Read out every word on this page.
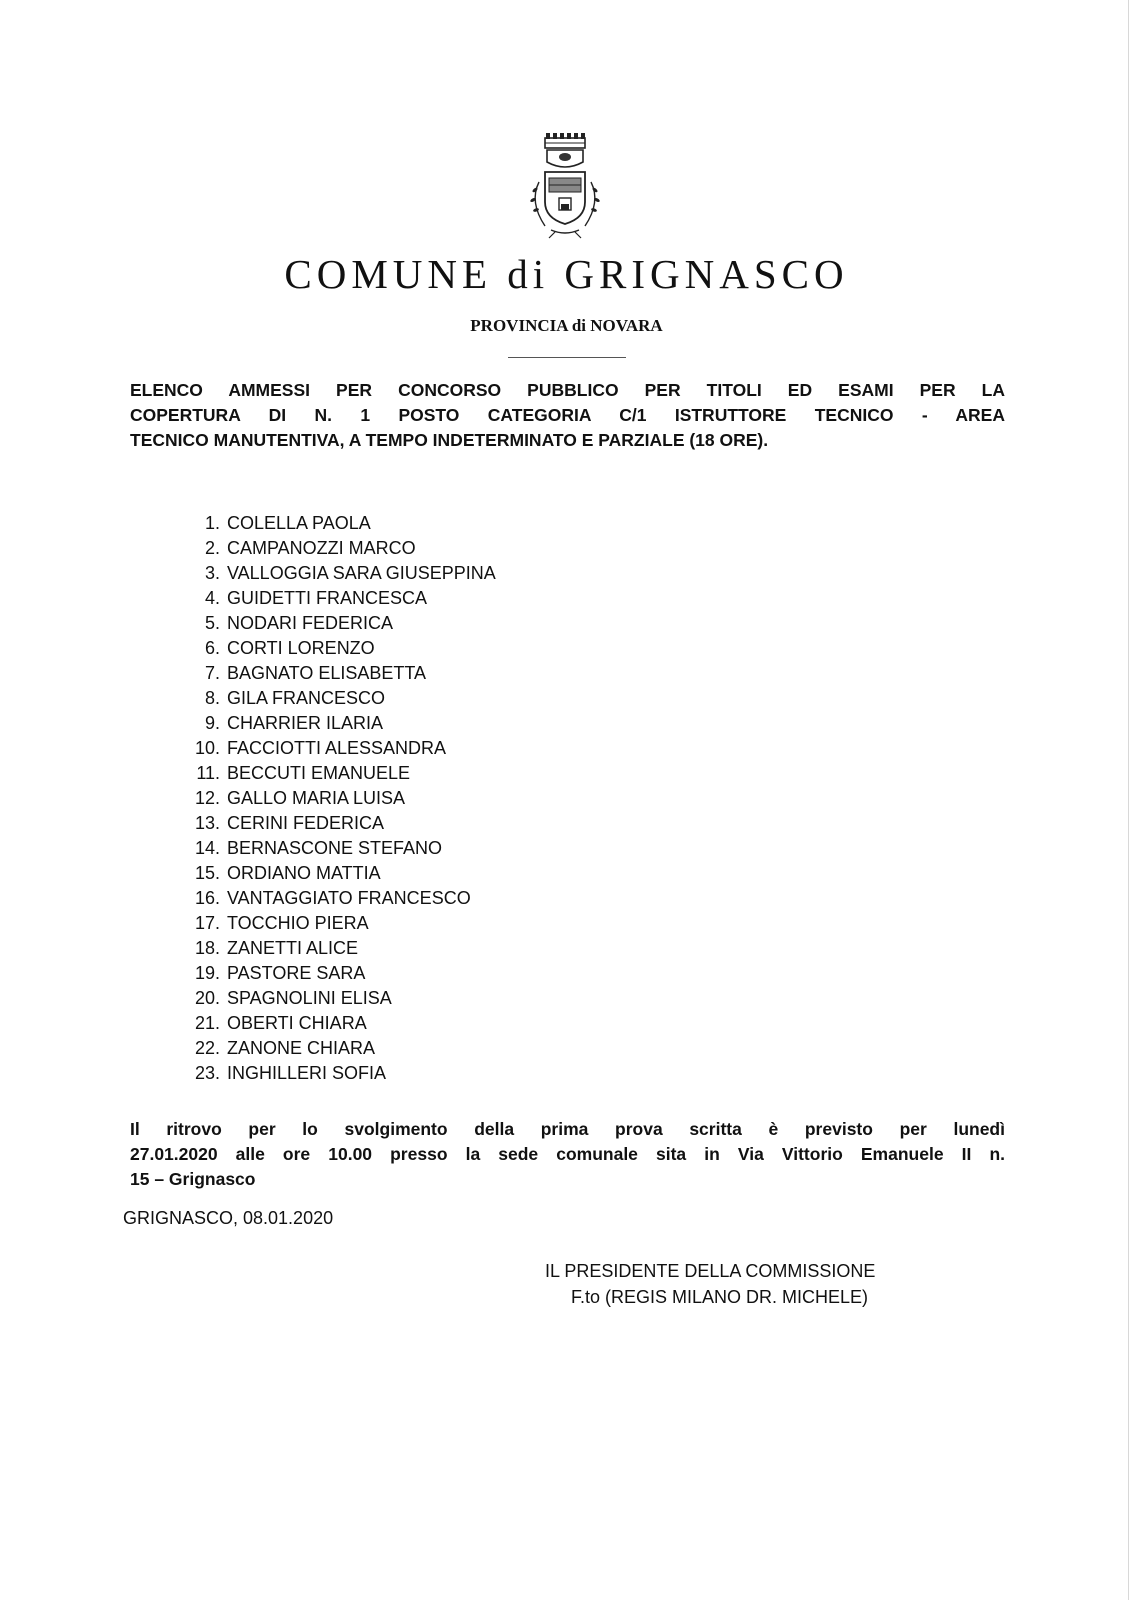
COMUNE di GRIGNASCO

PROVINCIA di NOVARA

ELENCO AMMESSI PER CONCORSO PUBBLICO PER TITOLI ED ESAMI PER LA
COPERTURA DI N. 1 POSTO CATEGORIA C/1 ISTRUTTORE TECNICO - AREA
TECNICO MANUTENTIVA, A TEMPO INDETERMINATO E PARZIALE (18 ORE).

1. COLELLA PAOLA
2. CAMPANOZZI MARCO
3. VALLOGGIA SARA GIUSEPPINA
4. GUIDETTI FRANCESCA
5. NODARI FEDERICA
6. CORTI LORENZO
7. BAGNATO ELISABETTA
8. GILA FRANCESCO
9. CHARRIER ILARIA
10. FACCIOTTI ALESSANDRA
11. BECCUTI EMANUELE
12. GALLO MARIA LUISA
13. CERINI FEDERICA
14. BERNASCONE STEFANO
15. ORDIANO MATTIA
16. VANTAGGIATO FRANCESCO
17. TOCCHIO PIERA
18. ZANETTI ALICE
19. PASTORE SARA
20. SPAGNOLINI ELISA
21. OBERTI CHIARA
22. ZANONE CHIARA
23. INGHILLERI SOFIA

Il ritrovo per lo svolgimento della prima prova scritta è previsto per lunedì
27.01.2020 alle ore 10.00 presso la sede comunale sita in Via Vittorio Emanuele II n.
15 – Grignasco

GRIGNASCO, 08.01.2020

IL PRESIDENTE DELLA COMMISSIONE
F.to (REGIS MILANO DR. MICHELE)
